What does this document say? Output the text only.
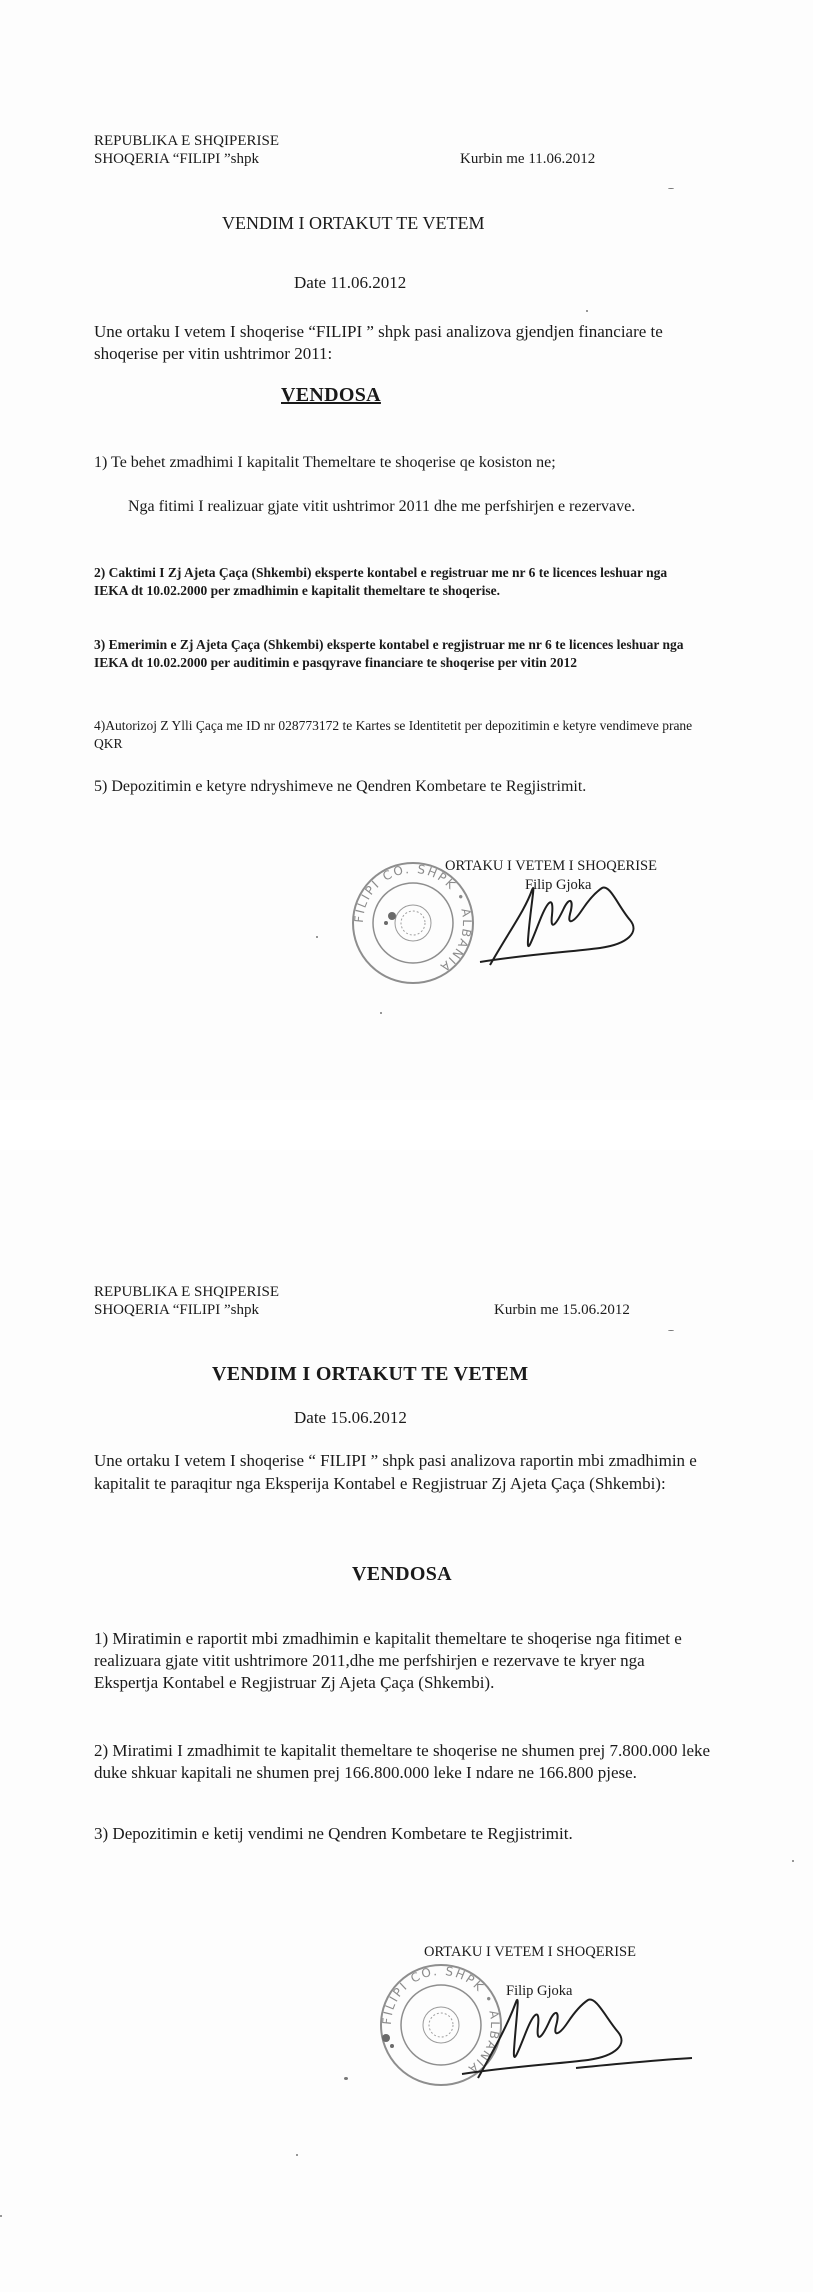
REPUBLIKA E SHQIPERISE
SHOQERIA “FILIPI ”shpk	Kurbin me 11.06.2012
VENDIM I ORTAKUT TE VETEM
Date 11.06.2012
Une ortaku I vetem I shoqerise “FILIPI ” shpk pasi analizova gjendjen financiare te shoqerise per vitin ushtrimor 2011:
VENDOSA
1) Te behet zmadhimi I kapitalit Themeltare te shoqerise qe kosiston ne;
Nga fitimi I realizuar gjate vitit ushtrimor 2011 dhe me perfshirjen e rezervave.
2) Caktimi I Zj Ajeta Çaça (Shkembi) eksperte kontabel e registruar me nr 6 te licences leshuar nga IEKA dt 10.02.2000 per zmadhimin e kapitalit themeltare te shoqerise.
3) Emerimin e Zj Ajeta Çaça (Shkembi) eksperte kontabel e regjistruar me nr 6 te licences leshuar nga IEKA dt 10.02.2000 per auditimin e pasqyrave financiare te shoqerise per vitin 2012
4)Autorizoj Z Ylli Çaça me ID nr 028773172 te Kartes se Identitetit per depozitimin e ketyre vendimeve prane QKR
5) Depozitimin e ketyre ndryshimeve ne Qendren Kombetare te Regjistrimit.
ORTAKU I VETEM I SHOQERISE
Filip Gjoka
FILIPI CO. SHPK • ALBANIA
REPUBLIKA E SHQIPERISE
SHOQERIA “FILIPI ”shpk	Kurbin me 15.06.2012
VENDIM I ORTAKUT TE VETEM
Date 15.06.2012
Une ortaku I vetem I shoqerise “ FILIPI ” shpk pasi analizova raportin mbi zmadhimin e kapitalit te paraqitur nga Eksperija Kontabel e Regjistruar Zj Ajeta Çaça (Shkembi):
VENDOSA
1) Miratimin e raportit mbi zmadhimin e kapitalit themeltare te shoqerise nga fitimet e realizuara gjate vitit ushtrimore 2011,dhe me perfshirjen e rezervave te kryer nga Ekspertja Kontabel e Regjistruar Zj Ajeta Çaça (Shkembi).
2) Miratimi I zmadhimit te kapitalit themeltare te shoqerise ne shumen prej 7.800.000 leke duke shkuar kapitali ne shumen prej 166.800.000 leke I ndare ne 166.800 pjese.
3) Depozitimin e ketij vendimi ne Qendren Kombetare te Regjistrimit.
ORTAKU I VETEM I SHOQERISE
Filip Gjoka
FILIPI CO. SHPK • ALBANIA
